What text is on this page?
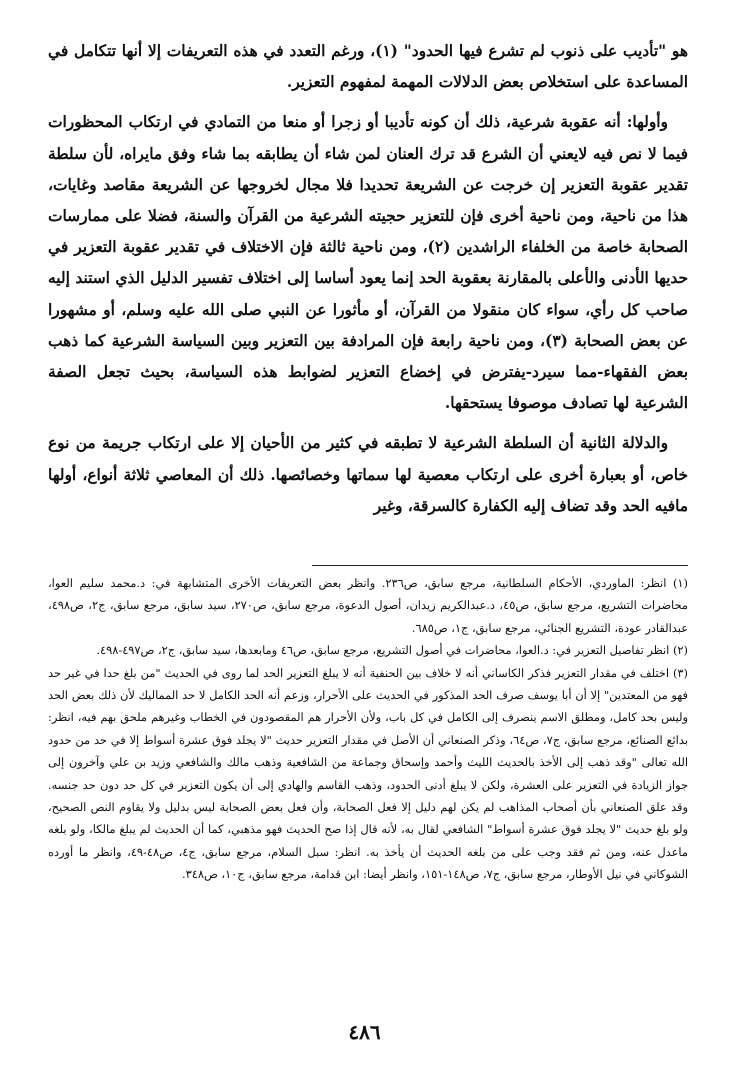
هو "تأديب على ذنوب لم تشرع فيها الحدود" (١)، ورغم التعدد في هذه التعريفات إلا أنها تتكامل في المساعدة على استخلاص بعض الدلالات المهمة لمفهوم التعزير.

وأولها: أنه عقوبة شرعية، ذلك أن كونه تأديبا أو زجرا أو منعا من التمادي في ارتكاب المحظورات فيما لا نص فيه لايعني أن الشرع قد ترك العنان لمن شاء أن يطابقه بما شاء وفق مايراه، لأن سلطة تقدير عقوبة التعزير إن خرجت عن الشريعة تحديدا فلا مجال لخروجها عن الشريعة مقاصد وغايات، هذا من ناحية، ومن ناحية أخرى فإن للتعزير حجيته الشرعية من القرآن والسنة، فضلا على ممارسات الصحابة خاصة من الخلفاء الراشدين (٢)، ومن ناحية ثالثة فإن الاختلاف في تقدير عقوبة التعزير في حديها الأدنى والأعلى بالمقارنة بعقوبة الحد إنما يعود أساسا إلى اختلاف تفسير الدليل الذي استند إليه صاحب كل رأي، سواء كان منقولا من القرآن، أو مأثورا عن النبي صلى الله عليه وسلم، أو مشهورا عن بعض الصحابة (٣)، ومن ناحية رابعة فإن المرادفة بين التعزير وبين السياسة الشرعية كما ذهب بعض الفقهاء-مما سيرد-يفترض في إخضاع التعزير لضوابط هذه السياسة، بحيث تجعل الصفة الشرعية لها تصادف موصوفا يستحقها.

والدلالة الثانية أن السلطة الشرعية لا تطبقه في كثير من الأحيان إلا على ارتكاب جريمة من نوع خاص، أو بعبارة أخرى على ارتكاب معصية لها سماتها وخصائصها. ذلك أن المعاصي ثلاثة أنواع، أولها مافيه الحد وقد تضاف إليه الكفارة كالسرقة، وغير

(١) انظر: الماوردي، الأحكام السلطانية، مرجع سابق، ص٢٣٦. وانظر بعض التعريفات الأخرى المتشابهة في: د.محمد سليم العوا، محاضرات التشريع، مرجع سابق، ص٤٥، د.عبدالكريم زيدان، أصول الدعوة، مرجع سابق، ص٢٧٠، سيد سابق، مرجع سابق، ج٢، ص٤٩٨، عبدالقادر عودة، التشريع الجنائي، مرجع سابق، ج١، ص٦٨٥.

(٢) انظر تفاصيل التعزير في: د.العوا، محاضرات في أصول التشريع، مرجع سابق، ص٤٦ ومابعدها، سيد سابق، ج٢، ص٤٩٧-٤٩٨.

(٣) اختلف في مقدار التعزير فذكر الكاساني أنه لا خلاف بين الحنفية أنه لا يبلغ التعزير الحد لما روى في الحديث "من بلغ حدا في غير حد فهو من المعتدين" إلا أن أبا يوسف صرف الحد المذكور في الحديث على الأحرار، وزعم أنه الحد الكامل لا حد المماليك لأن ذلك بعض الحد وليس بحد كامل، ومطلق الاسم ينصرف إلى الكامل في كل باب، ولأن الأحرار هم المقصودون في الخطاب وغيرهم ملحق بهم فيه، انظر: بدائع الصنائع، مرجع سابق، ج٧، ص٦٤، وذكر الصنعاني أن الأصل في مقدار التعزير حديث "لا يجلد فوق عشرة أسواط إلا في حد من حدود الله تعالى "وقد ذهب إلى الأخذ بالحديث الليث وأحمد وإسحاق وجماعة من الشافعية وذهب مالك والشافعي وزيد بن علي وآخرون إلى جواز الزيادة في التعزير على العشرة، ولكن لا يبلغ أدنى الحدود، وذهب القاسم والهادي إلى أن يكون التعزير في كل حد دون حد جنسه. وقد علق الصنعاني بأن أصحاب المذاهب لم يكن لهم دليل إلا فعل الصحابة، وأن فعل بعض الصحابة ليس بدليل ولا يقاوم النص الصحيح، ولو بلغ حديث "لا يجلد فوق عشرة أسواط" الشافعي لقال به، لأنه قال إذا صح الحديث فهو مذهبي، كما أن الحديث لم يبلغ مالكا، ولو بلغه ماعدل عنه، ومن ثم فقد وجب على من بلغه الحديث أن يأخذ به. انظر: سبل السلام، مرجع سابق، ج٤، ص٤٨-٤٩، وانظر ما أورده الشوكاني في نيل الأوطار، مرجع سابق، ج٧، ص١٤٨-١٥١، وانظر أيضا: ابن قدامة، مرجع سابق، ج١٠، ص٣٤٨.

٤٨٦
